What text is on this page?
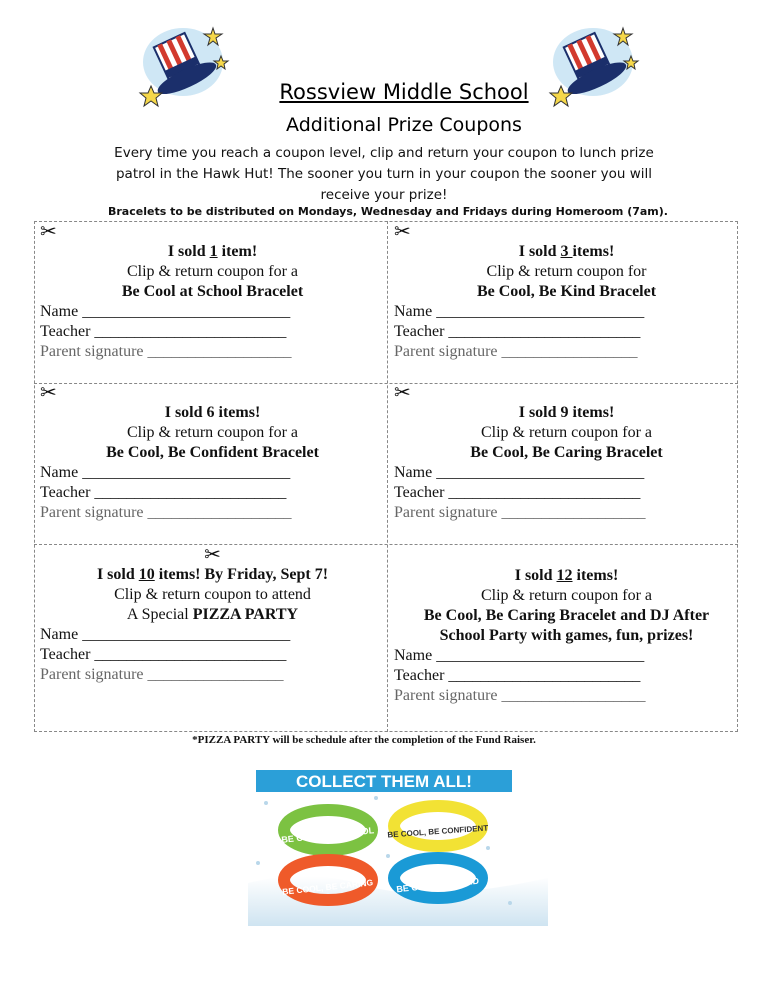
Rossview Middle School
Additional Prize Coupons
Every time you reach a coupon level, clip and return your coupon to lunch prize patrol in the Hawk Hut! The sooner you turn in your coupon the sooner you will receive your prize!
Bracelets to be distributed on Mondays, Wednesday and Fridays during Homeroom (7am).
✂
I sold 1 item!
Clip & return coupon for a
Be Cool at School Bracelet
Name __________________________
Teacher ________________________
Parent signature __________________
✂
I sold 3 items!
Clip & return coupon for
Be Cool, Be Kind Bracelet
Name __________________________
Teacher ________________________
Parent signature _________________
✂
I sold 6 items!
Clip & return coupon for a
Be Cool, Be Confident Bracelet
Name __________________________
Teacher ________________________
Parent signature __________________
✂
I sold 9 items!
Clip & return coupon for a
Be Cool, Be Caring Bracelet
Name __________________________
Teacher ________________________
Parent signature __________________
✂
I sold 10 items! By Friday, Sept 7!
Clip & return coupon to attend
A Special PIZZA PARTY
Name __________________________
Teacher ________________________
Parent signature _________________
I sold 12 items!
Clip & return coupon for a
Be Cool, Be Caring Bracelet and DJ After
School Party with games, fun, prizes!
Name __________________________
Teacher ________________________
Parent signature __________________
*PIZZA PARTY will be schedule after the completion of the Fund Raiser.
COLLECT THEM ALL!
BE COOL @ SCHOOL BE COOL, BE CONFIDENT
BE COOL, BE CARING BE COOL, BE KIND
